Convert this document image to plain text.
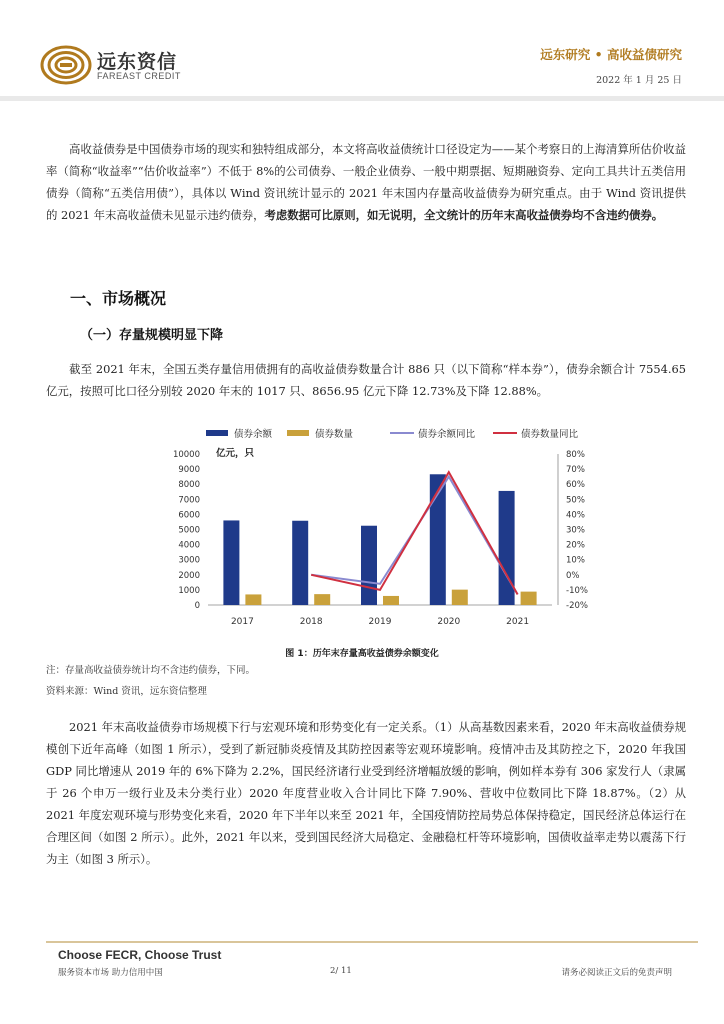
远东资信
FAREAST CREDIT
远东研究 • 高收益债研究
2022 年 1 月 25 日
高收益债券是中国债券市场的现实和独特组成部分，本文将高收益债统计口径设定为——某个考察日的上海清算所估价收益率（简称“收益率”“估价收益率”）不低于 8%的公司债券、一般企业债券、一般中期票据、短期融资券、定向工具共计五类信用债券（简称“五类信用债”），具体以 Wind 资讯统计显示的 2021 年末国内存量高收益债券为研究重点。由于 Wind 资讯提供的 2021 年末高收益债未见显示违约债券，考虑数据可比原则，如无说明，全文统计的历年末高收益债券均不含违约债券。
一、市场概况
（一）存量规模明显下降
截至 2021 年末，全国五类存量信用债拥有的高收益债券数量合计 886 只（以下简称“样本券”），债券余额合计 7554.65 亿元，按照可比口径分别较 2020 年末的 1017 只、8656.95 亿元下降 12.73%及下降 12.88%。
债券余额	债券数量	债券余额同比	债券数量同比
亿元，只
10000
9000
8000
7000
6000
5000
4000
3000
2000
1000
0
80%
70%
60%
50%
40%
30%
20%
10%
0%
-10%
-20%
2017	2018	2019	2020	2021
图 1：历年末存量高收益债券余额变化
注：存量高收益债券统计均不含违约债券，下同。
资料来源：Wind 资讯，远东资信整理
2021 年末高收益债券市场规模下行与宏观环境和形势变化有一定关系。（1）从高基数因素来看，2020 年末高收益债券规模创下近年高峰（如图 1 所示），受到了新冠肺炎疫情及其防控因素等宏观环境影响。疫情冲击及其防控之下，2020 年我国 GDP 同比增速从 2019 年的 6%下降为 2.2%，国民经济诸行业受到经济增幅放缓的影响，例如样本券有 306 家发行人（隶属于 26 个申万一级行业及未分类行业）2020 年度营业收入合计同比下降 7.90%、营收中位数同比下降 18.87%。（2）从 2021 年度宏观环境与形势变化来看，2020 年下半年以来至 2021 年，全国疫情防控局势总体保持稳定，国民经济总体运行在合理区间（如图 2 所示）。此外，2021 年以来，受到国民经济大局稳定、金融稳杠杆等环境影响，国债收益率走势以震荡下行为主（如图 3 所示）。
Choose FECR, Choose Trust
服务资本市场 助力信用中国	2/ 11	请务必阅读正文后的免责声明
